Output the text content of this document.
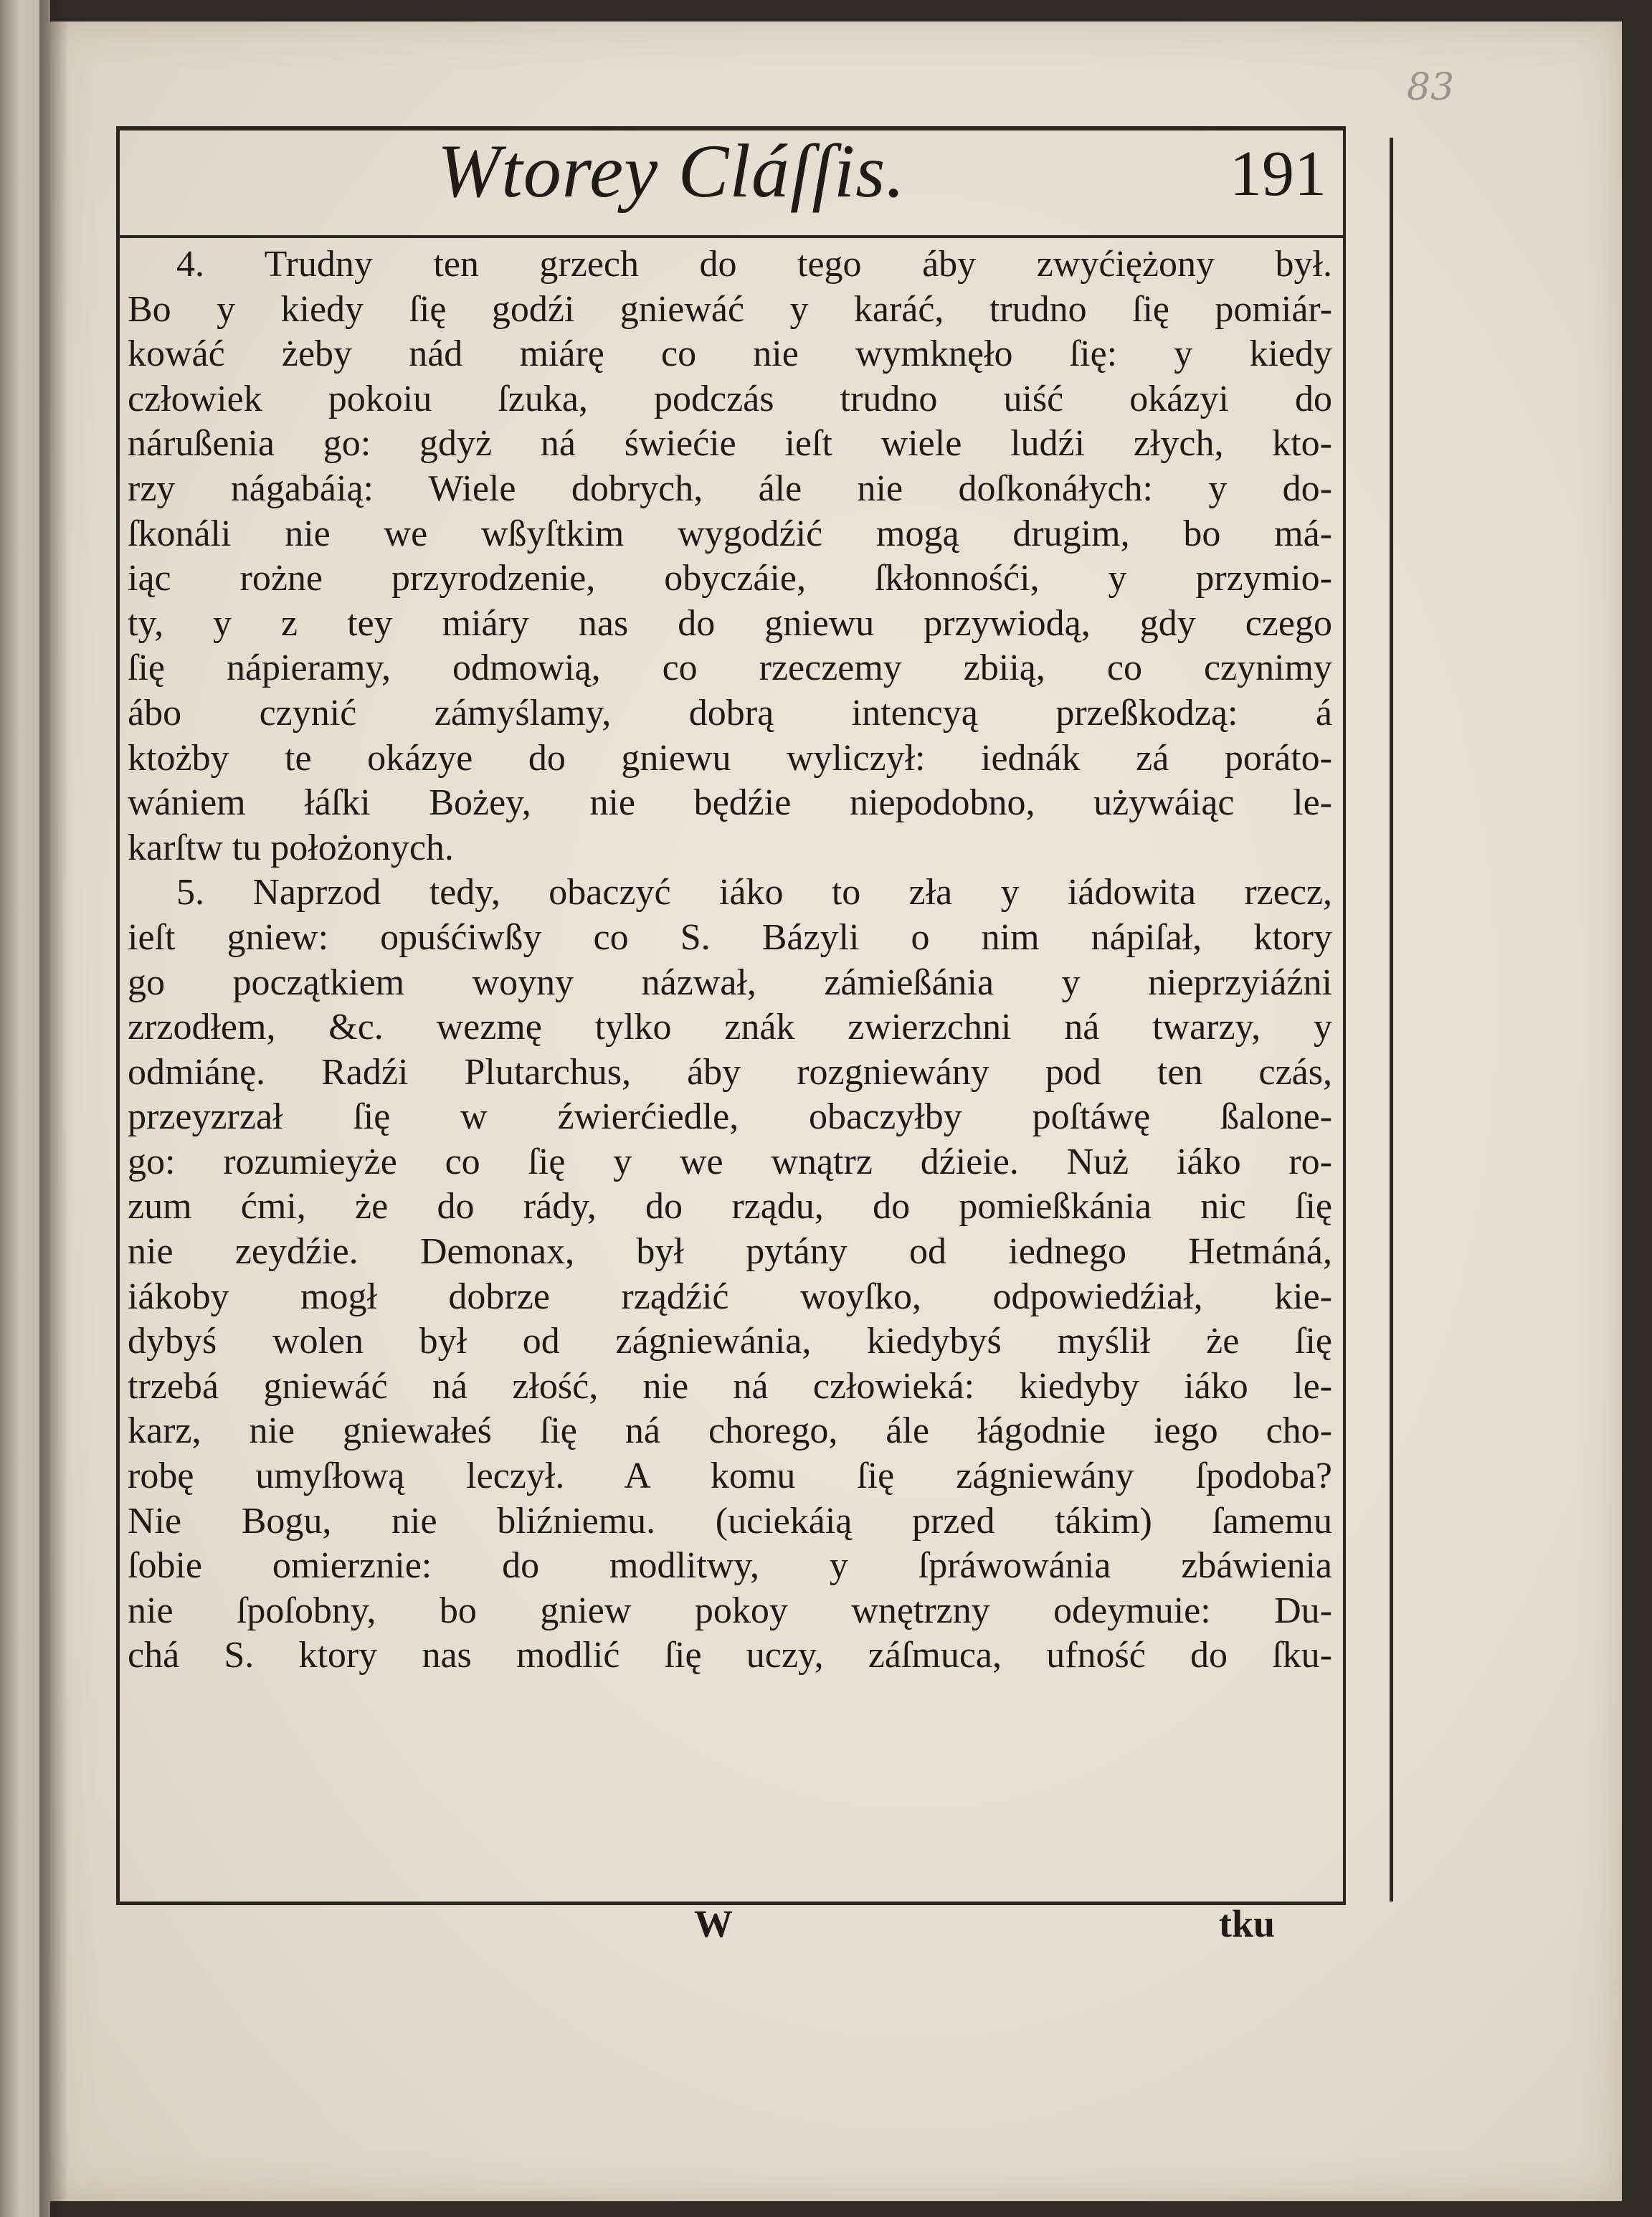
83
Wtorey Cláſſis.	191
4. Trudny ten grzech do tego áby zwyćiężony był.
Bo y kiedy ſię godźi gniewáć y karáć, trudno ſię pomiár-
kowáć żeby nád miárę co nie wymknęło ſię: y kiedy
człowiek pokoiu ſzuka, podczás trudno uiść okázyi do
nárußenia go: gdyż ná świećie ieſt wiele ludźi złych, kto-
rzy nágabáią: Wiele dobrych, ále nie doſkonáłych: y do-
ſkonáli nie we wßyſtkim wygodźić mogą drugim, bo má-
iąc rożne przyrodzenie, obyczáie, ſkłonnośći, y przymio-
ty, y z tey miáry nas do gniewu przywiodą, gdy czego
ſię nápieramy, odmowią, co rzeczemy zbiią, co czynimy
ábo czynić zámyślamy, dobrą intencyą przeßkodzą: á
ktożby te okázye do gniewu wyliczył: iednák zá poráto-
wániem łáſki Bożey, nie będźie niepodobno, używáiąc le-
karſtw tu położonych.
5. Naprzod tedy, obaczyć iáko to zła y iádowita rzecz,
ieſt gniew: opuśćiwßy co S. Bázyli o nim nápiſał, ktory
go początkiem woyny názwał, zámießánia y nieprzyiáźni
zrzodłem, &c. wezmę tylko znák zwierzchni ná twarzy, y
odmiánę. Radźi Plutarchus, áby rozgniewány pod ten czás,
przeyzrzał ſię w źwierćiedle, obaczyłby poſtáwę ßalone-
go: rozumieyże co ſię y we wnątrz dźieie. Nuż iáko ro-
zum ćmi, że do rády, do rządu, do pomießkánia nic ſię
nie zeydźie. Demonax, był pytány od iednego Hetmáná,
iákoby mogł dobrze rządźić woyſko, odpowiedźiał, kie-
dybyś wolen był od zágniewánia, kiedybyś myślił że ſię
trzebá gniewáć ná złość, nie ná człowieká: kiedyby iáko le-
karz, nie gniewałeś ſię ná chorego, ále łágodnie iego cho-
robę umyſłową leczył. A komu ſię zágniewány ſpodoba?
Nie Bogu, nie bliźniemu. (uciekáią przed tákim) ſamemu
ſobie omierznie: do modlitwy, y ſpráwowánia zbáwienia
nie ſpoſobny, bo gniew pokoy wnętrzny odeymuie: Du-
chá S. ktory nas modlić ſię uczy, záſmuca, ufność do ſku-
W	tku
